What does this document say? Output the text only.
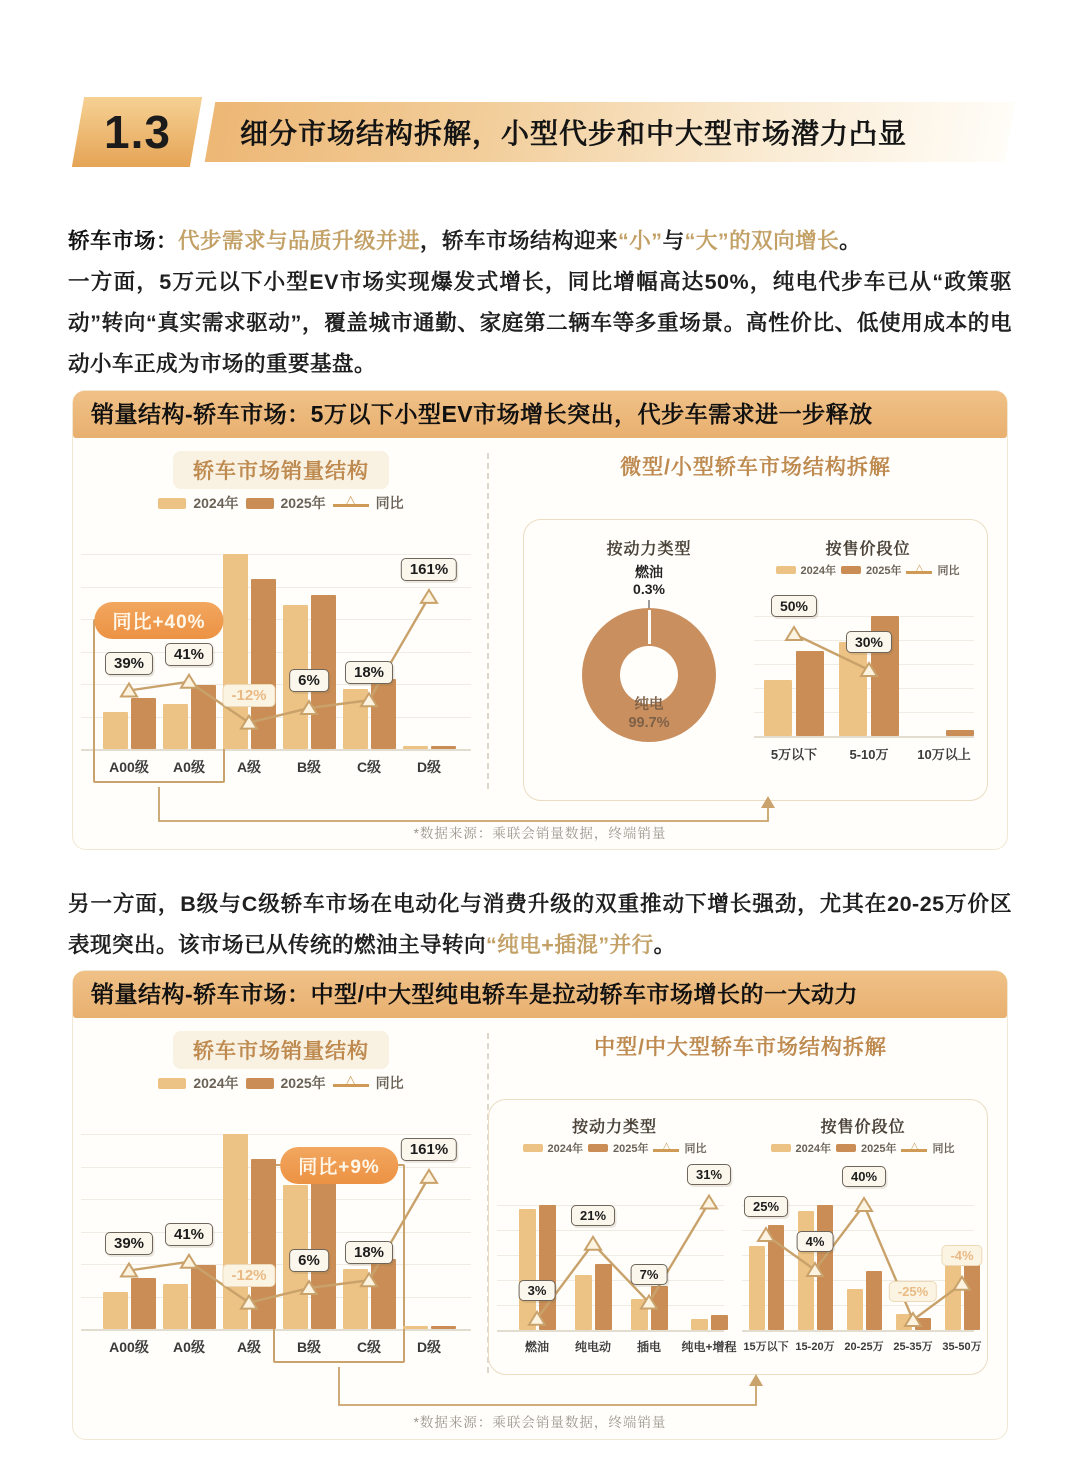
1.3	细分市场结构拆解，小型代步和中大型市场潜力凸显

轿车市场：代步需求与品质升级并进，轿车市场结构迎来“小”与“大”的双向增长。

一方面，5万元以下小型EV市场实现爆发式增长，同比增幅高达50%，纯电代步车已从“政策驱动”转向“真实需求驱动”，覆盖城市通勤、家庭第二辆车等多重场景。高性价比、低使用成本的电动小车正成为市场的重要基盘。

销量结构-轿车市场：5万以下小型EV市场增长突出，代步车需求进一步释放
轿车市场销量结构
2024年	2025年 △ 同比
同比+40%
A00级 A0级 A级	B级	C级	D级
39%
41%
-12%
6%	18%
161%
微型/小型轿车市场结构拆解
按动力类型
燃油
0.3%
纯电
99.7%
按售价段位
2024年	2025年 △ 同比
5万以下 5-10万 10万以上
50%
30%
*数据来源：乘联会销量数据，终端销量

另一方面，B级与C级轿车市场在电动化与消费升级的双重推动下增长强劲，尤其在20-25万价区表现突出。该市场已从传统的燃油主导转向“纯电+插混”并行。

销量结构-轿车市场：中型/中大型纯电轿车是拉动轿车市场增长的一大动力
轿车市场销量结构
2024年	2025年 △ 同比
同比+9%
A00级 A0级 A级	B级	C级	D级
39%
41%
-12%
6%	18%
161%
中型/中大型轿车市场结构拆解
按动力类型
2024年	2025年 △ 同比
燃油 纯电动 插电 纯电+增程
3%
21%
7%
31%
按售价段位
2024年	2025年 △ 同比
15万以下 15-20万 20-25万 25-35万 35-50万
25%
4%
40%
-25%
-4%
*数据来源：乘联会销量数据，终端销量
